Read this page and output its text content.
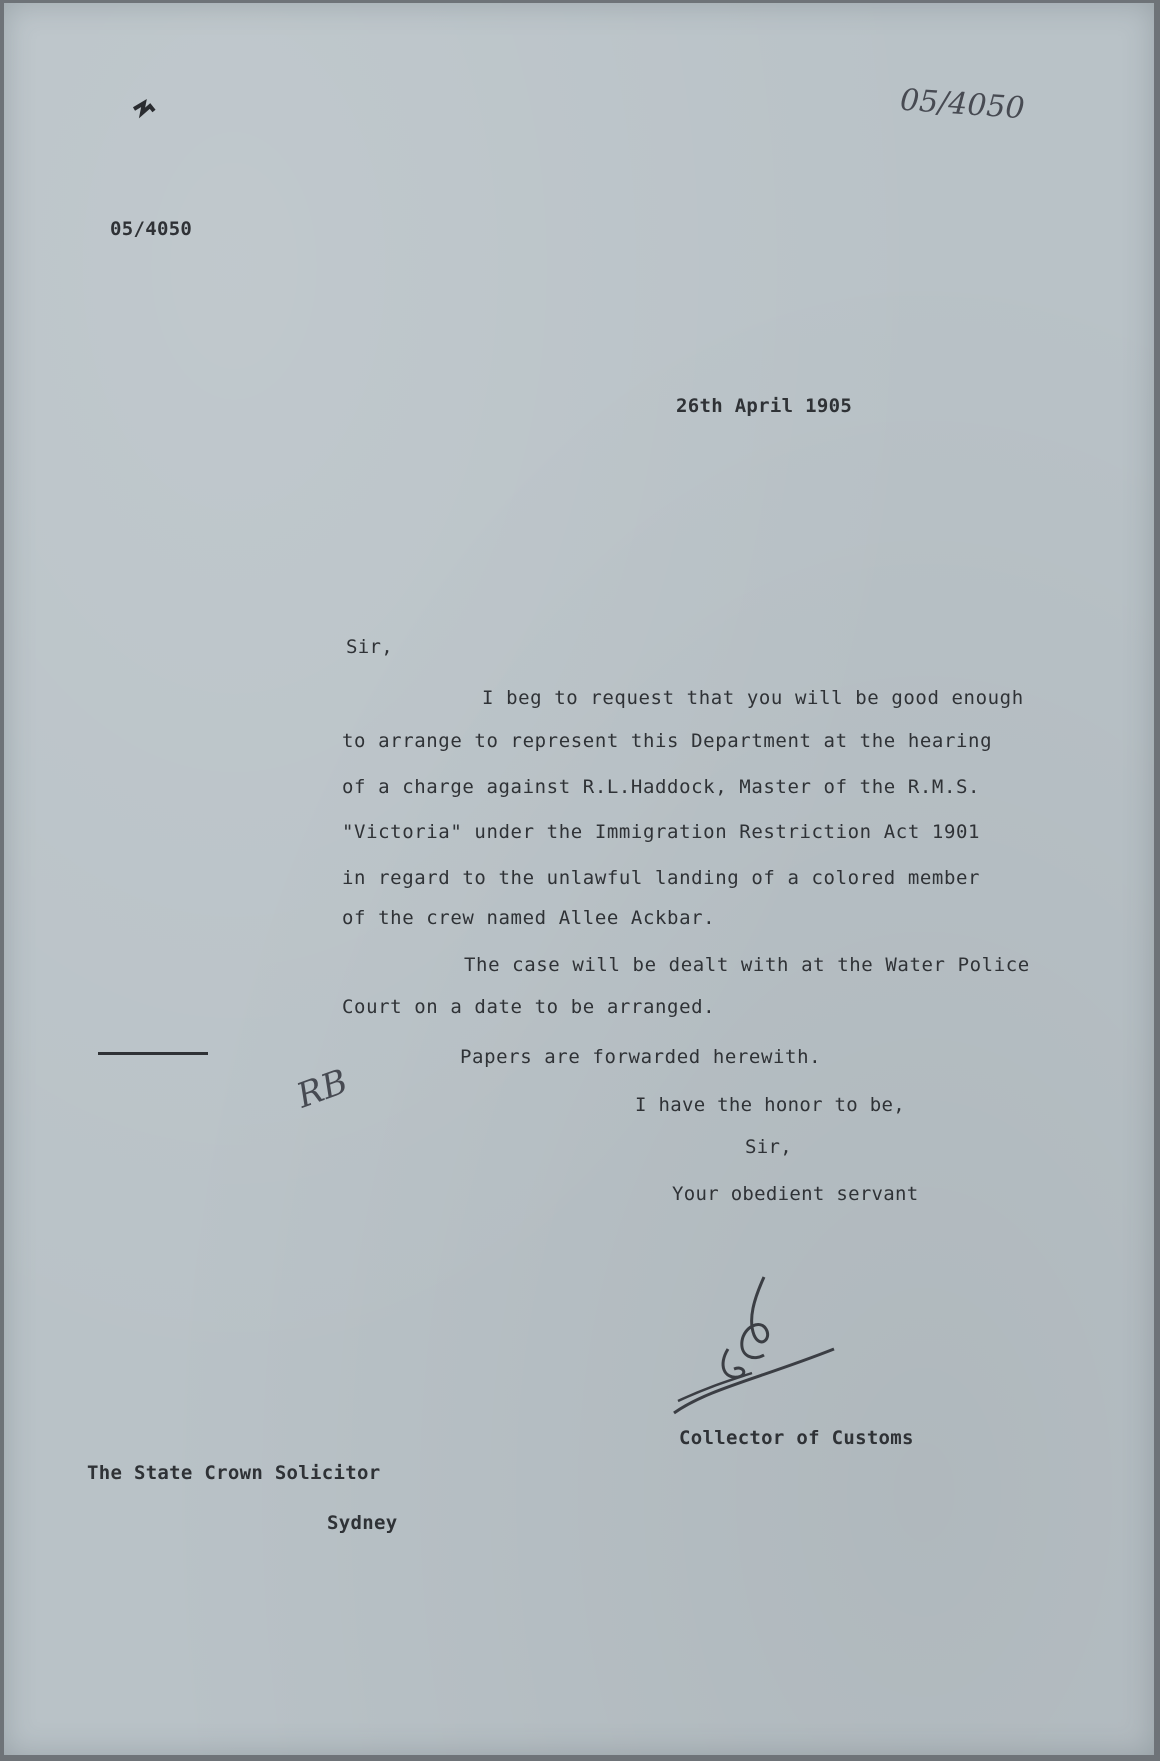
05/4050
05/4050
26th April 1905
Sir,
I beg to request that you will be good enough
to arrange to represent this Department at the hearing
of a charge against R.L.Haddock, Master of the R.M.S.
"Victoria" under the Immigration Restriction Act 1901
in regard to the unlawful landing of a colored member
of the crew named Allee Ackbar.
The case will be dealt with at the Water Police
Court on a date to be arranged.
Papers are forwarded herewith.
RB	I have the honor to be,
Sir,
Your obedient servant
Collector of Customs
The State Crown Solicitor
Sydney
